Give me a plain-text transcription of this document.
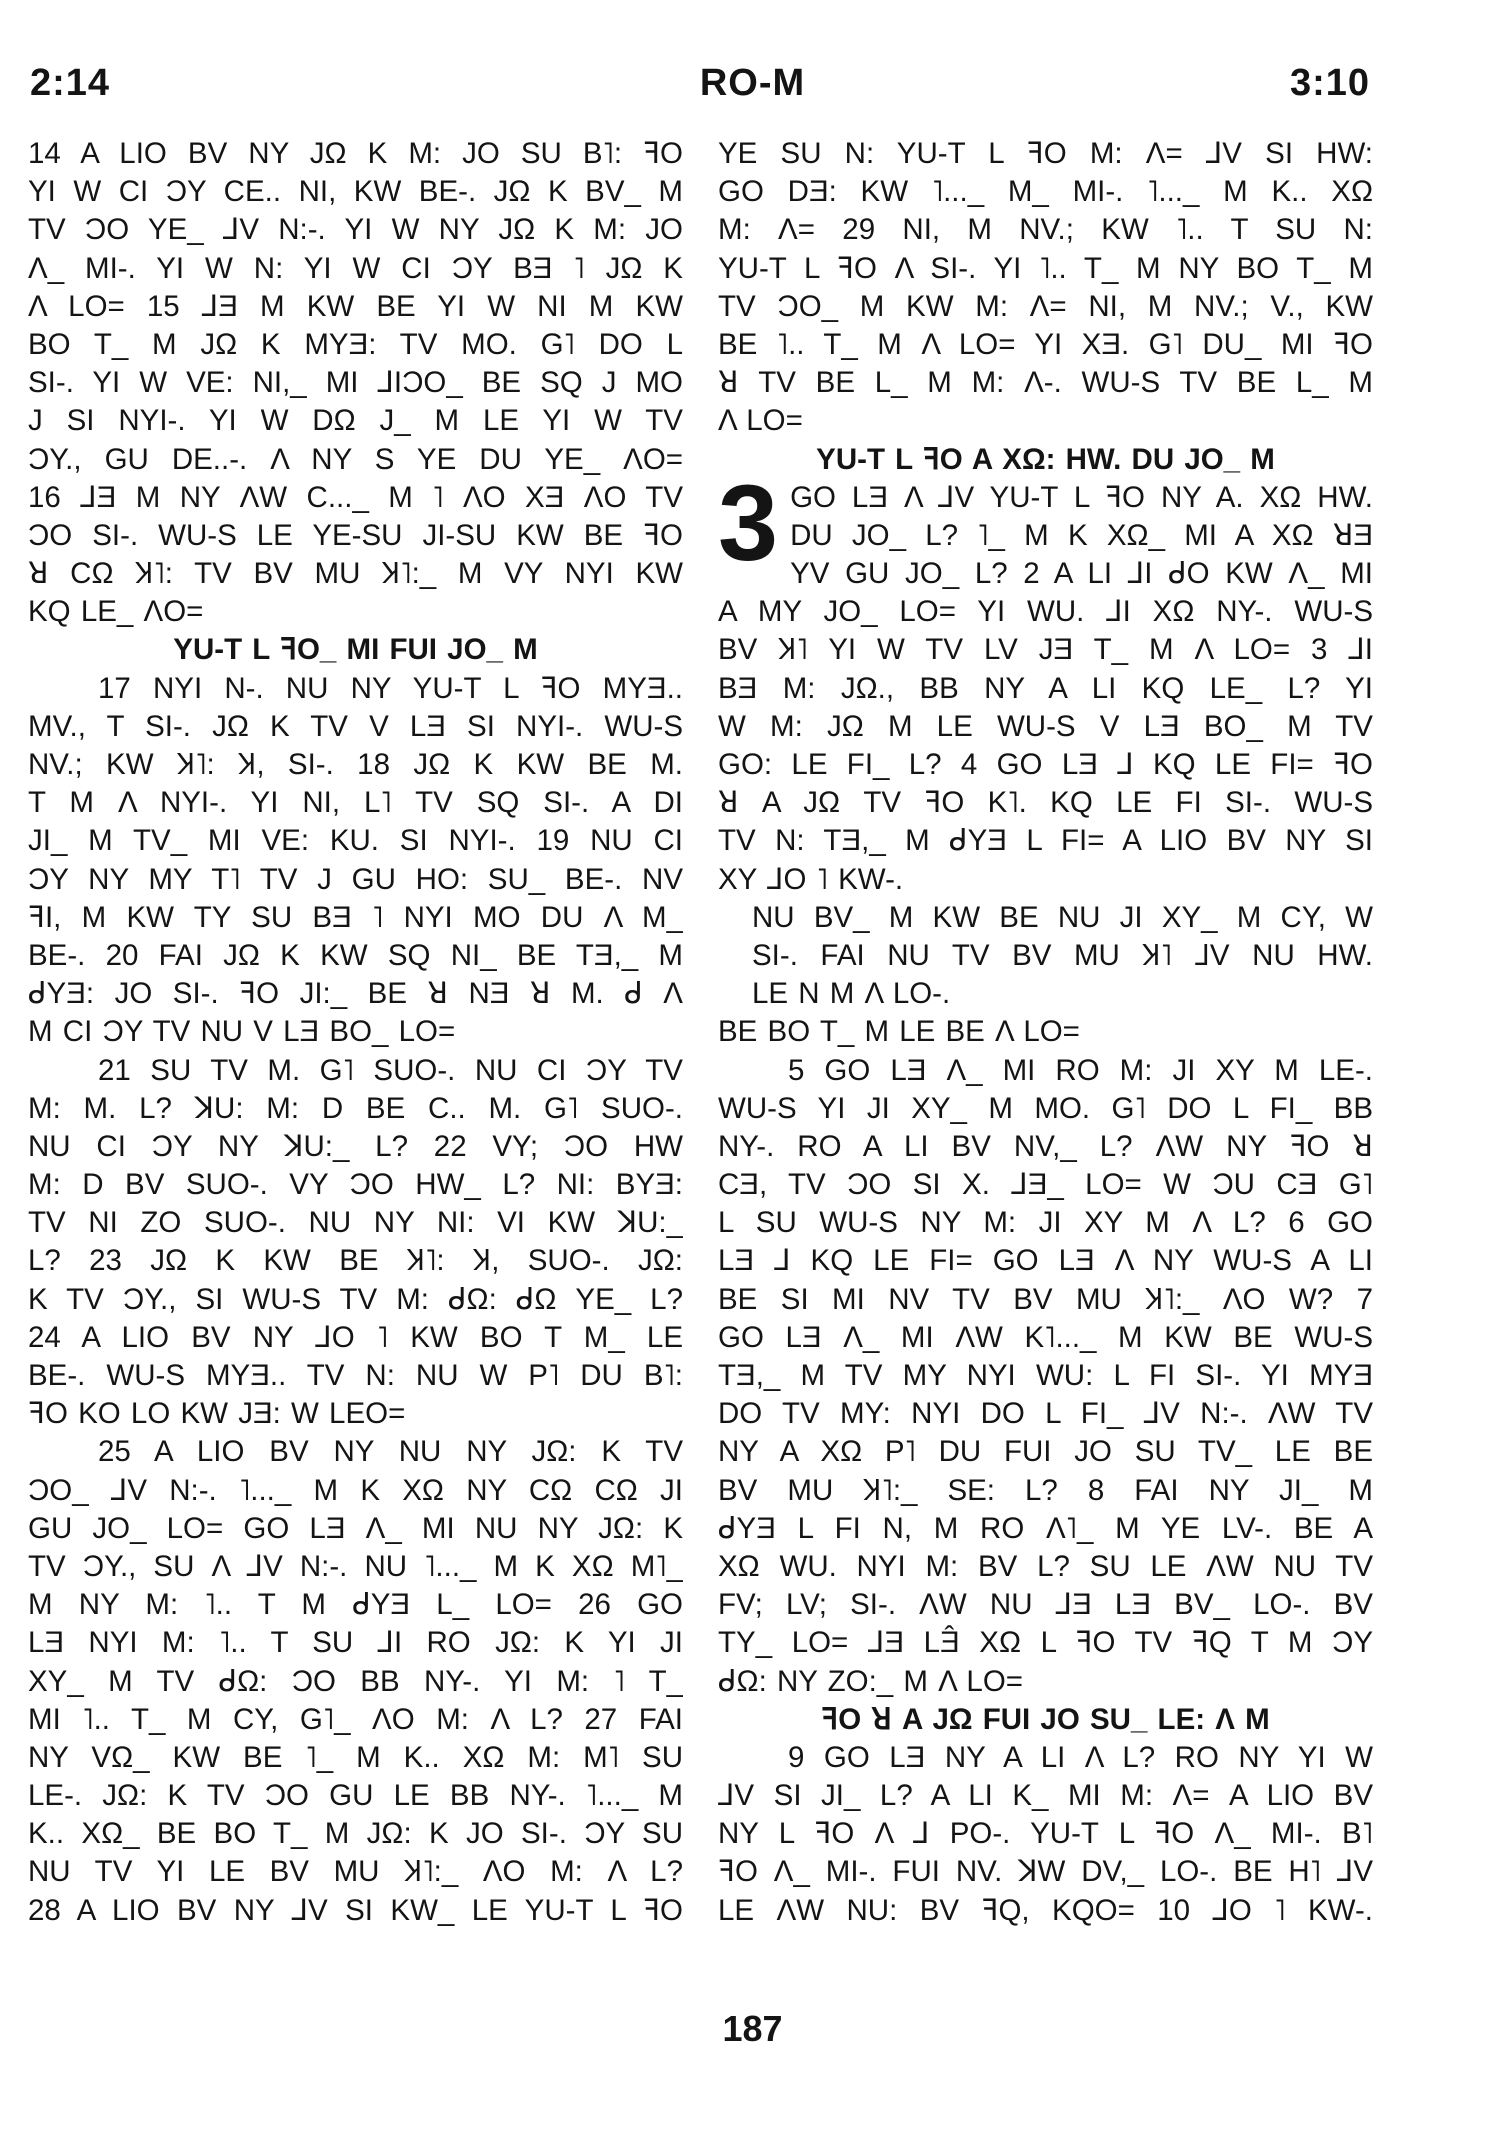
2:14	RO-M	3:10
14 A LIO BV NY JΩ K M: JO SU B˥: ꟻO
YI W CI ƆY CE.. NI, KW BE-. JΩ K BV_ M
TV ƆO YE_ ⅃V N:-. YI W NY JΩ K M: JO
Λ_ MI-. YI W N: YI W CI ƆY BƎ ˥ JΩ K
Λ LO= 15 ⅃Ǝ M KW BE YI W NI M KW
BO T_ M JΩ K MYƎ: TV MO. G˥ DO L
SI-. YI W VE: NI,_ MI ⅃IƆO_ BE SQ J MO
J SI NYI-. YI W DΩ J_ M LE YI W TV
ƆY., GU DE..-. Λ NY S YE DU YE_ ΛO=
16 ⅃Ǝ M NY ΛW C..._ M ˥ ΛO XƎ ΛO TV
ƆO SI-. WU-S LE YE-SU JI-SU KW BE ꟻO
ꓤ CΩ Ʞ˥: TV BV MU Ʞ˥:_ M VY NYI KW
KQ LE_ ΛO=
YU-T L ꟻO_ MI FUI JO_ M
17 NYI N-. NU NY YU-T L ꟻO MYƎ..
MV., T SI-. JΩ K TV V LƎ SI NYI-. WU-S
NV.; KW Ʞ˥: Ʞ, SI-. 18 JΩ K KW BE M.
T M Λ NYI-. YI NI, L˥ TV SQ SI-. A DI
JI_ M TV_ MI VE: KU. SI NYI-. 19 NU CI
ƆY NY MY T˥ TV J GU HO: SU_ BE-. NV
ꟻI, M KW TY SU BƎ ˥ NYI MO DU Λ M_
BE-. 20 FAI JΩ K KW SQ NI_ BE TƎ,_ M
ᑯYƎ: JO SI-. ꟻO JI:_ BE ꓤ NƎ ꓤ M. ᑯ Λ
M CI ƆY TV NU V LƎ BO_ LO=
21 SU TV M. G˥ SUO-. NU CI ƆY TV
M: M. L? ꓘU: M: D BE C.. M. G˥ SUO-.
NU CI ƆY NY ꓘU:_ L? 22 VY; ƆO HW
M: D BV SUO-. VY ƆO HW_ L? NI: BYƎ:
TV NI ZO SUO-. NU NY NI: VI KW ꓘU:_
L? 23 JΩ K KW BE Ʞ˥: Ʞ, SUO-. JΩ:
K TV ƆY., SI WU-S TV M: ᑯΩ: ᑯΩ YE_ L?
24 A LIO BV NY ⅃O ˥ KW BO T M_ LE
BE-. WU-S MYƎ.. TV N: NU W P˥ DU B˥:
ꟻO KO LO KW JƎ: W LEO=
25 A LIO BV NY NU NY JΩ: K TV
ƆO_ ⅃V N:-. ˥..._ M K XΩ NY CΩ CΩ JI
GU JO_ LO= GO LƎ Λ_ MI NU NY JΩ: K
TV ƆY., SU Λ ⅃V N:-. NU ˥..._ M K XΩ M˥_
M NY M: ˥.. T M ᑯYƎ L_ LO= 26 GO
LƎ NYI M: ˥.. T SU ⅃I RO JΩ: K YI JI
XY_ M TV ᑯΩ: ƆO BB NY-. YI M: ˥ T_
MI ˥.. T_ M CY, G˥_ ΛO M: Λ L? 27 FAI
NY VΩ_ KW BE ˥_ M K.. XΩ M: M˥ SU
LE-. JΩ: K TV ƆO GU LE BB NY-. ˥..._ M
K.. XΩ_ BE BO T_ M JΩ: K JO SI-. ƆY SU
NU TV YI LE BV MU Ʞ˥:_ ΛO M: Λ L?
28 A LIO BV NY ⅃V SI KW_ LE YU-T L ꟻO
YE SU N: YU-T L ꟻO M: Λ= ⅃V SI HW:
GO DƎ: KW ˥..._ M_ MI-. ˥..._ M K.. XΩ
M: Λ= 29 NI, M NV.; KW ˥.. T SU N:
YU-T L ꟻO Λ SI-. YI ˥.. T_ M NY BO T_ M
TV ƆO_ M KW M: Λ= NI, M NV.; V., KW
BE ˥.. T_ M Λ LO= YI XƎ. G˥ DU_ MI ꟻO
ꓤ TV BE L_ M M: Λ-. WU-S TV BE L_ M
Λ LO=
YU-T L ꟻO A XΩ: HW. DU JO_ M
3 GO LƎ Λ ⅃V YU-T L ꟻO NY A. XΩ HW.
DU JO_ L? ˥_ M K XΩ_ MI A XΩ ꓤƎ
YV GU JO_ L? 2 A LI ⅃I ᑯO KW Λ_ MI
A MY JO_ LO= YI WU. ⅃I XΩ NY-. WU-S
BV Ʞ˥ YI W TV LV JƎ T_ M Λ LO= 3 ⅃I
BƎ M: JΩ., BB NY A LI KQ LE_ L? YI
W M: JΩ M LE WU-S V LƎ BO_ M TV
GO: LE FI_ L? 4 GO LƎ ⅃ KQ LE FI= ꟻO
ꓤ A JΩ TV ꟻO K˥. KQ LE FI SI-. WU-S
TV N: TƎ,_ M ᑯYƎ L FI= A LIO BV NY SI
XY ⅃O ˥ KW-.
NU BV_ M KW BE NU JI XY_ M CY, W
SI-. FAI NU TV BV MU Ʞ˥ ⅃V NU HW.
LE N M Λ LO-.
BE BO T_ M LE BE Λ LO=
5 GO LƎ Λ_ MI RO M: JI XY M LE-.
WU-S YI JI XY_ M MO. G˥ DO L FI_ BB
NY-. RO A LI BV NV,_ L? ΛW NY ꟻO ꓤ
CƎ, TV ƆO SI X. ⅃Ǝ_ LO= W ƆU CƎ G˥
L SU WU-S NY M: JI XY M Λ L? 6 GO
LƎ ⅃ KQ LE FI= GO LƎ Λ NY WU-S A LI
BE SI MI NV TV BV MU Ʞ˥:_ ΛO W? 7
GO LƎ Λ_ MI ΛW K˥..._ M KW BE WU-S
TƎ,_ M TV MY NYI WU: L FI SI-. YI MYƎ
DO TV MY: NYI DO L FI_ ⅃V N:-. ΛW TV
NY A XΩ P˥ DU FUI JO SU TV_ LE BE
BV MU Ʞ˥:_ SE: L? 8 FAI NY JI_ M
ᑯYƎ L FI N, M RO Λ˥_ M YE LV-. BE A
XΩ WU. NYI M: BV L? SU LE ΛW NU TV
FV; LV; SI-. ΛW NU ⅃Ǝ LƎ BV_ LO-. BV
TY_ LO= ⅃Ǝ LƎ̂ XΩ L ꟻO TV ꟻQ T M ƆY
ᑯΩ: NY ZO:_ M Λ LO=
ꟻO ꓤ A JΩ FUI JO SU_ LE: Λ M
9 GO LƎ NY A LI Λ L? RO NY YI W
⅃V SI JI_ L? A LI K_ MI M: Λ= A LIO BV
NY L ꟻO Λ ⅃ PO-. YU-T L ꟻO Λ_ MI-. B˥
ꟻO Λ_ MI-. FUI NV. ꓘW DV,_ LO-. BE H˥ ⅃V
LE ΛW NU: BV ꟻQ, KQO= 10 ⅃O ˥ KW-.
187
